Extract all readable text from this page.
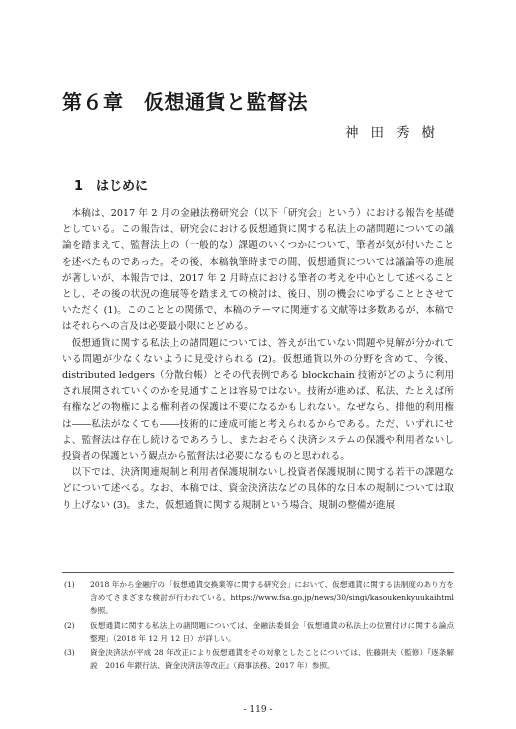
第６章　仮想通貨と監督法
神田秀樹
1 はじめに

本稿は、2017 年 2 月の金融法務研究会（以下「研究会」という）における報告を基礎としている。この報告は、研究会における仮想通貨に関する私法上の諸問題についての議論を踏まえて、監督法上の（一般的な）課題のいくつかについて、筆者が気が付いたことを述べたものであった。その後、本稿執筆時までの間、仮想通貨については議論等の進展が著しいが、本報告では、2017 年 2 月時点における筆者の考えを中心として述べることとし、その後の状況の進展等を踏まえての検討は、後日、別の機会にゆずることとさせていただく (1)。このこととの関係で、本稿のテーマに関連する文献等は多数あるが、本稿ではそれらへの言及は必要最小限にとどめる。

仮想通貨に関する私法上の諸問題については、答えが出ていない問題や見解が分かれている問題が少なくないように見受けられる (2)。仮想通貨以外の分野を含めて、今後、distributed ledgers（分散台帳）とその代表例である blockchain 技術がどのように利用され展開されていくのかを見通すことは容易ではない。技術が進めば、私法、たとえば所有権などの物権による権利者の保護は不要になるかもしれない。なぜなら、排他的利用権は――私法がなくても――技術的に達成可能と考えられるからである。ただ、いずれにせよ、監督法は存在し続けるであろうし、またおそらく決済システムの保護や利用者ないし投資者の保護という観点から監督法は必要になるものと思われる。

以下では、決済関連規制と利用者保護規制ないし投資者保護規制に関する若干の課題などについて述べる。なお、本稿では、資金決済法などの具体的な日本の規制については取り上げない (3)。また、仮想通貨に関する規制という場合、規制の整備が進展

(1) 2018 年から金融庁の「仮想通貨交換業等に関する研究会」において、仮想通貨に関する法制度のあり方を含めてさまざまな検討が行われている。https://www.fsa.go.jp/news/30/singi/kasoukenkyuukaihtml 参照。
(2) 仮想通貨に関する私法上の諸問題については、金融法委員会「仮想通貨の私法上の位置付けに関する論点整理」（2018 年 12 月 12 日）が詳しい。
(3) 資金決済法が平成 28 年改正により仮想通貨をその対象としたことについては、佐藤則夫（監修）『逐条解説　2016 年銀行法、資金決済法等改正』（商事法務、2017 年）参照。
- 119 -
